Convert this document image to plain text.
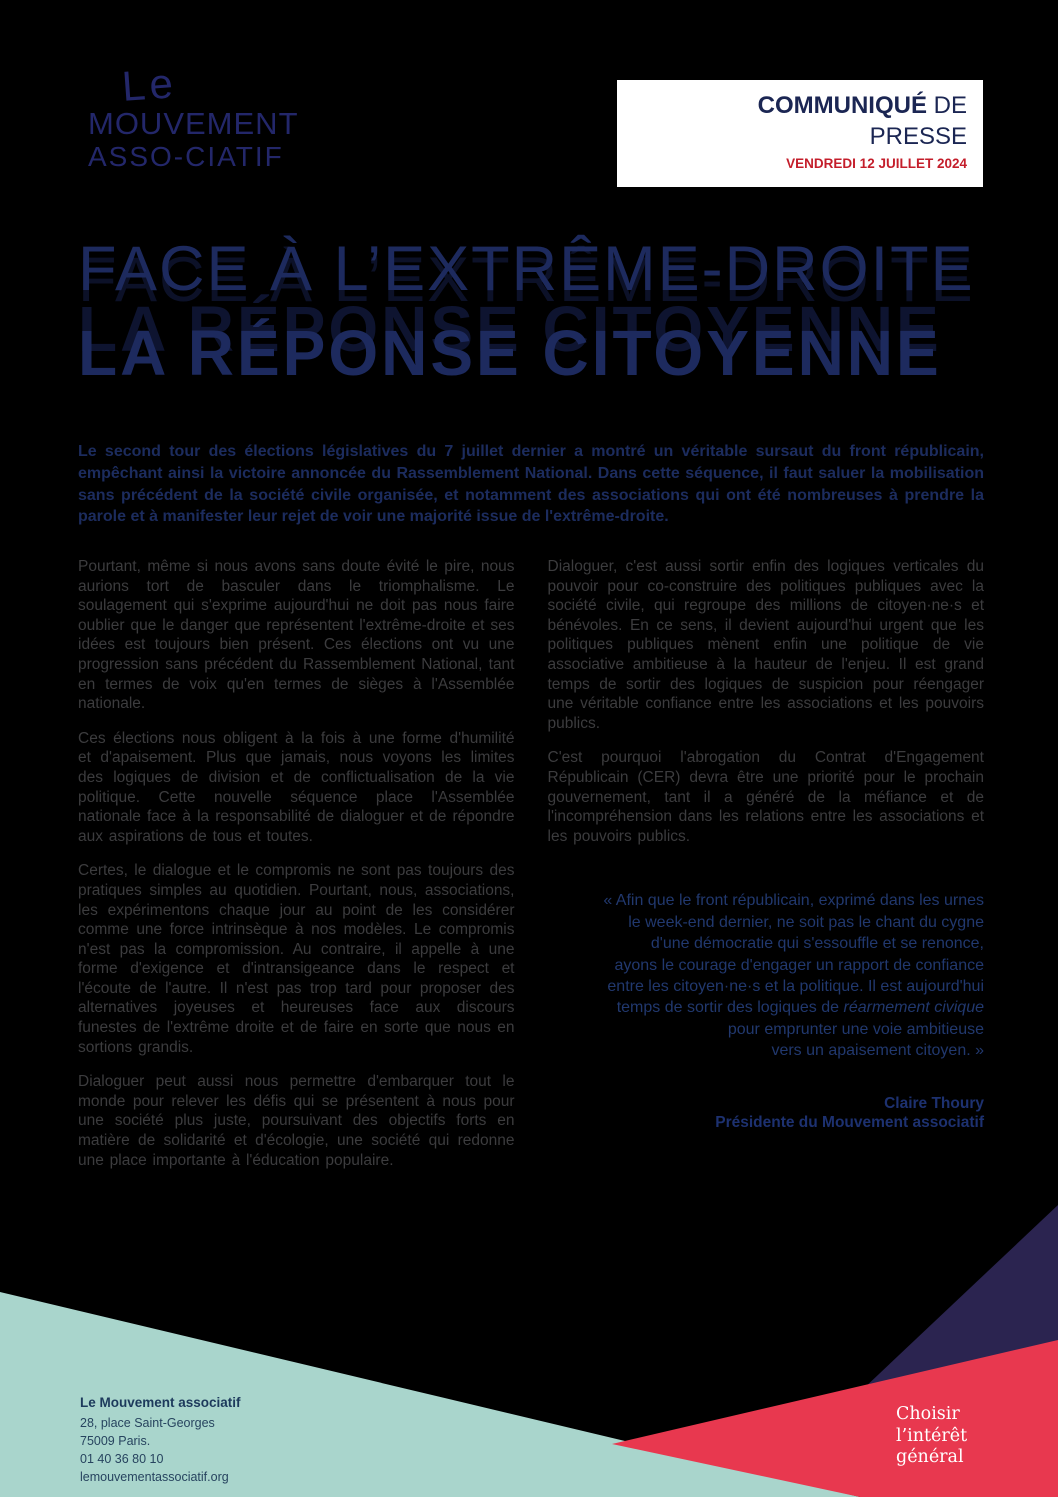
Le
MOUVEMENT
ASSO-CIATIF
COMMUNIQUÉ DE
PRESSE
VENDREDI 12 JUILLET 2024
FACE À L’EXTRÊME-DROITE
LA RÉPONSE CITOYENNE
Le second tour des élections législatives du 7 juillet dernier a montré un véritable sursaut du front républicain, empêchant ainsi la victoire annoncée du Rassemblement National. Dans cette séquence, il faut saluer la mobilisation sans précédent de la société civile organisée, et notamment des associations qui ont été nombreuses à prendre la parole et à manifester leur rejet de voir une majorité issue de l'extrême-droite.

Pourtant, même si nous avons sans doute évité le pire, nous aurions tort de basculer dans le triomphalisme. Le soulagement qui s'exprime aujourd'hui ne doit pas nous faire oublier que le danger que représentent l'extrême-droite et ses idées est toujours bien présent. Ces élections ont vu une progression sans précédent du Rassemblement National, tant en termes de voix qu'en termes de sièges à l'Assemblée nationale.

Ces élections nous obligent à la fois à une forme d'humilité et d'apaisement. Plus que jamais, nous voyons les limites des logiques de division et de conflictualisation de la vie politique. Cette nouvelle séquence place l'Assemblée nationale face à la responsabilité de dialoguer et de répondre aux aspirations de tous et toutes.

Certes, le dialogue et le compromis ne sont pas toujours des pratiques simples au quotidien. Pourtant, nous, associations, les expérimentons chaque jour au point de les considérer comme une force intrinsèque à nos modèles. Le compromis n'est pas la compromission. Au contraire, il appelle à une forme d'exigence et d'intransigeance dans le respect et l'écoute de l'autre. Il n'est pas trop tard pour proposer des alternatives joyeuses et heureuses face aux discours funestes de l'extrême droite et de faire en sorte que nous en sortions grandis.

Dialoguer peut aussi nous permettre d'embarquer tout le monde pour relever les défis qui se présentent à nous pour une société plus juste, poursuivant des objectifs forts en matière de solidarité et d'écologie, une société qui redonne une place importante à l'éducation populaire.

Dialoguer, c'est aussi sortir enfin des logiques verticales du pouvoir pour co-construire des politiques publiques avec la société civile, qui regroupe des millions de citoyen·ne·s et bénévoles. En ce sens, il devient aujourd'hui urgent que les politiques publiques mènent enfin une politique de vie associative ambitieuse à la hauteur de l'enjeu. Il est grand temps de sortir des logiques de suspicion pour réengager une véritable confiance entre les associations et les pouvoirs publics.

C'est pourquoi l'abrogation du Contrat d'Engagement Républicain (CER) devra être une priorité pour le prochain gouvernement, tant il a généré de la méfiance et de l'incompréhension dans les relations entre les associations et les pouvoirs publics.

« Afin que le front républicain, exprimé dans les urnes
le week-end dernier, ne soit pas le chant du cygne
d'une démocratie qui s'essouffle et se renonce,
ayons le courage d'engager un rapport de confiance
entre les citoyen·ne·s et la politique. Il est aujourd'hui
temps de sortir des logiques de réarmement civique
pour emprunter une voie ambitieuse
vers un apaisement citoyen. »
Claire Thoury
Présidente du Mouvement associatif
Le Mouvement associatif
28, place Saint-Georges
75009 Paris.
01 40 36 80 10
lemouvementassociatif.org
Choisir
l’intérêt
général
